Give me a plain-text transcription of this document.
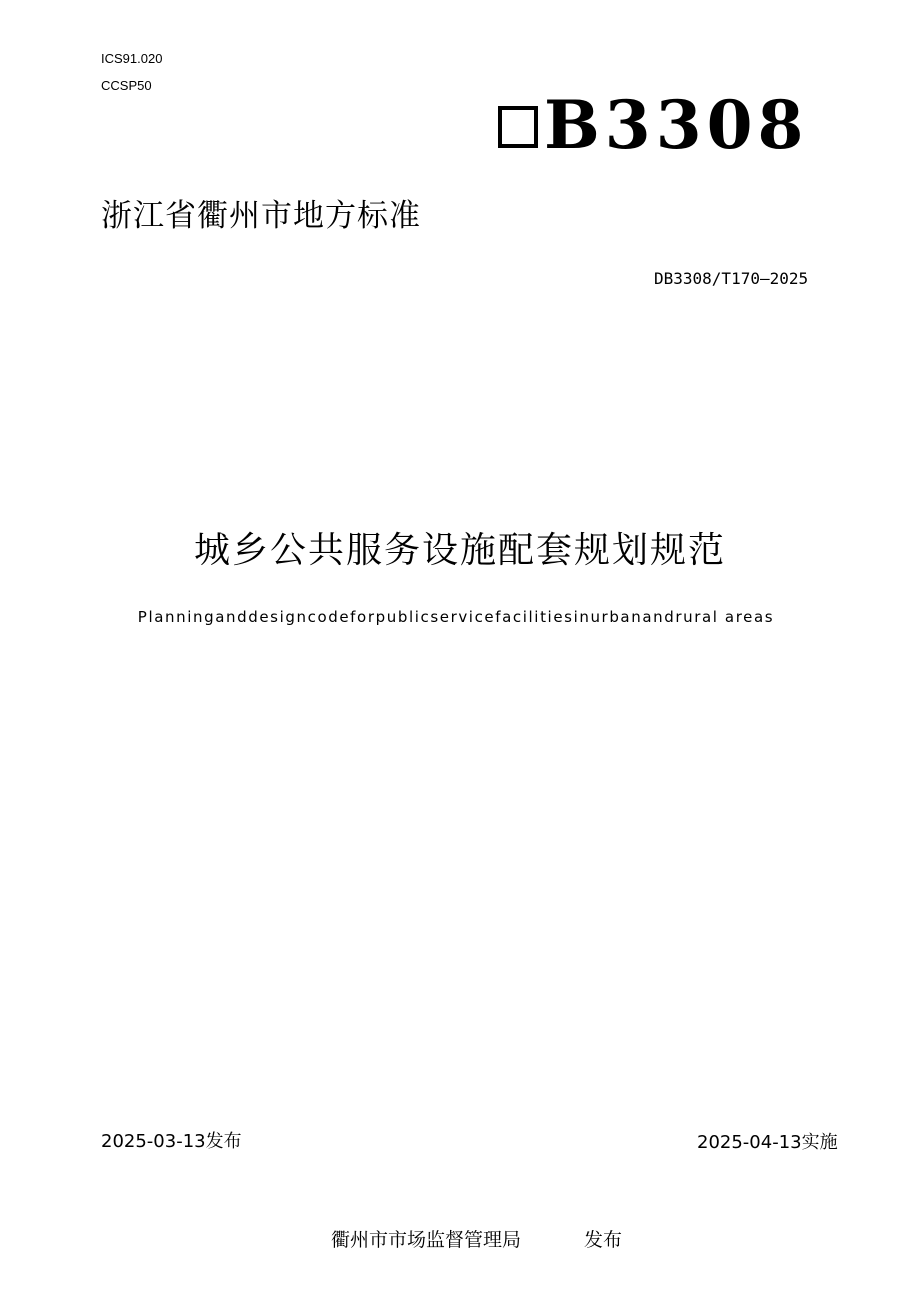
ICS91.020
CCSP50
B3308
浙江省衢州市地方标准
DB3308/T170—2025
城乡公共服务设施配套规划规范
Planninganddesigncodeforpublicservicefacilitiesinurbanandrural areas
2025-03-13发布	2025-04-13实施
衢州市市场监督管理局	发布
